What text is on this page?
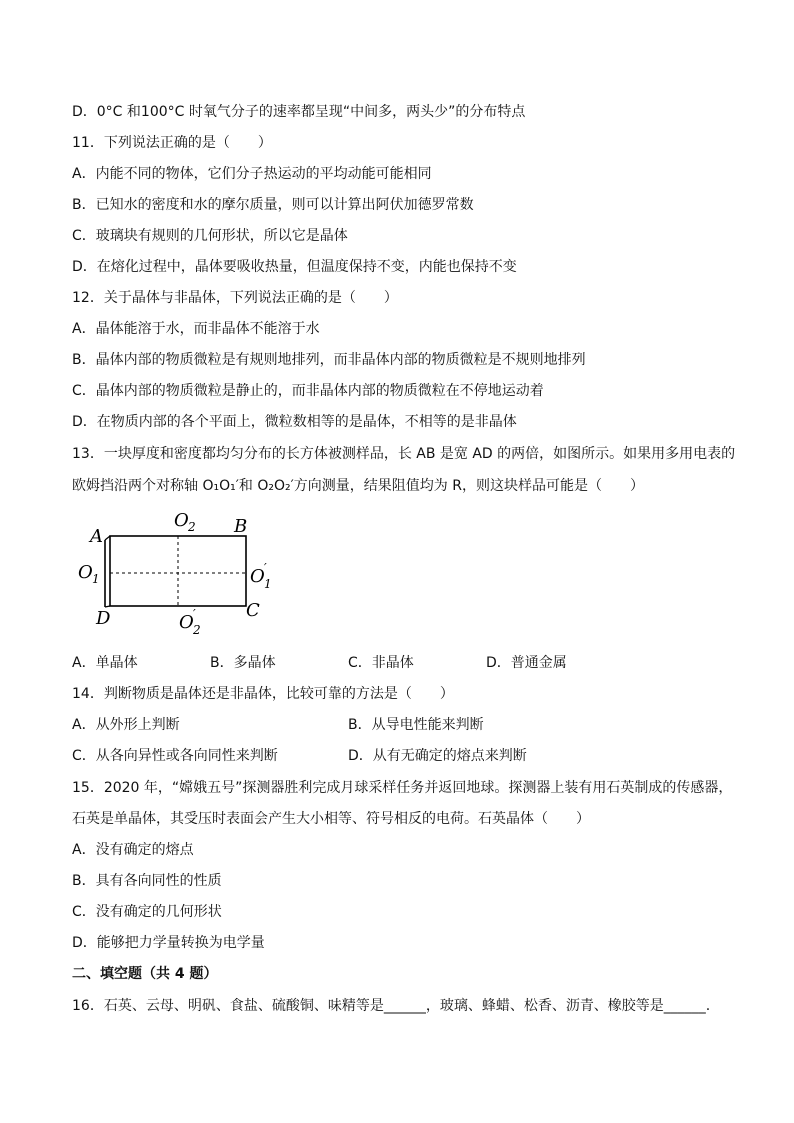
D．0°C 和100°C 时氧气分子的速率都呈现“中间多，两头少”的分布特点
11．下列说法正确的是（　　）
A．内能不同的物体，它们分子热运动的平均动能可能相同
B．已知水的密度和水的摩尔质量，则可以计算出阿伏加德罗常数
C．玻璃块有规则的几何形状，所以它是晶体
D．在熔化过程中，晶体要吸收热量，但温度保持不变，内能也保持不变
12．关于晶体与非晶体，下列说法正确的是（　　）
A．晶体能溶于水，而非晶体不能溶于水
B．晶体内部的物质微粒是有规则地排列，而非晶体内部的物质微粒是不规则地排列
C．晶体内部的物质微粒是静止的，而非晶体内部的物质微粒在不停地运动着
D．在物质内部的各个平面上，微粒数相等的是晶体，不相等的是非晶体
13．一块厚度和密度都均匀分布的长方体被测样品，长 AB 是宽 AD 的两倍，如图所示。如果用多用电表的
欧姆挡沿两个对称轴 O₁O₁′和 O₂O₂′方向测量，结果阻值均为 R，则这块样品可能是（　　）
A	B
C
D
O 2
O 1	O ′
1
O ′
2
A．单晶体	B．多晶体	C．非晶体	D．普通金属
14．判断物质是晶体还是非晶体，比较可靠的方法是（　　）
A．从外形上判断	B．从导电性能来判断
C．从各向异性或各向同性来判断	D．从有无确定的熔点来判断
15．2020 年，“嫦娥五号”探测器胜利完成月球采样任务并返回地球。探测器上装有用石英制成的传感器，
石英是单晶体，其受压时表面会产生大小相等、符号相反的电荷。石英晶体（　　）
A．没有确定的熔点
B．具有各向同性的性质
C．没有确定的几何形状
D．能够把力学量转换为电学量
二、填空题（共 4 题）
16．石英、云母、明矾、食盐、硫酸铜、味精等是______，玻璃、蜂蜡、松香、沥青、橡胶等是______.
